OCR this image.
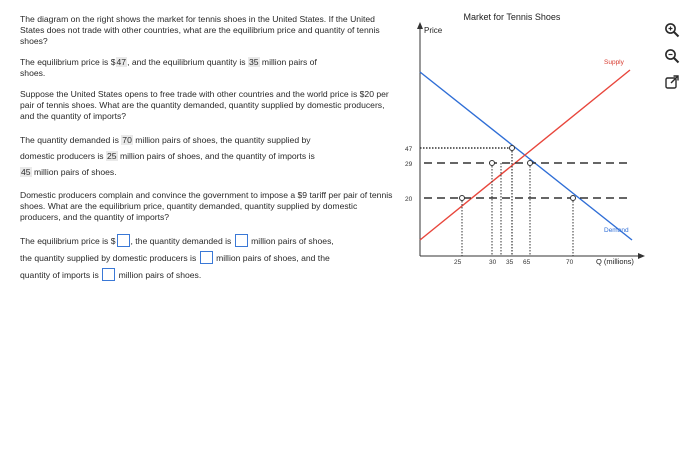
The diagram on the right shows the market for tennis shoes in the United States. If the United States does not trade with other countries, what are the equilibrium price and quantity of tennis shoes?

The equilibrium price is $47, and the equilibrium quantity is 35 million pairs of

shoes.

Suppose the United States opens to free trade with other countries and the world price is $20 per pair of tennis shoes. What are the quantity demanded, quantity supplied by domestic producers, and the quantity of imports?

The quantity demanded is 70 million pairs of shoes, the quantity supplied by

domestic producers is 25 million pairs of shoes, and the quantity of imports is

45 million pairs of shoes.

Domestic producers complain and convince the government to impose a $9 tariff per pair of tennis shoes. What are the equilibrium price, quantity demanded, quantity supplied by domestic producers, and the quantity of imports?

The equilibrium price is $ , the quantity demanded is million pairs of shoes,

the quantity supplied by domestic producers is million pairs of shoes, and the

quantity of imports is million pairs of shoes.

Market for Tennis Shoes
Price
Q (millions)
Supply
Demand
47
29
20
25	30 35 65	70
